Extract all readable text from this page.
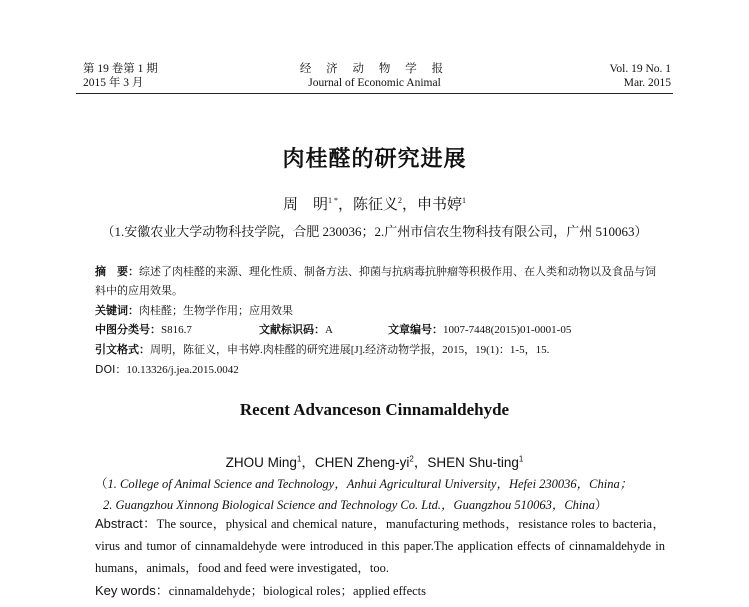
第 19 卷第 1 期
2015 年 3 月
经 济 动 物 学 报
Journal of Economic Animal
Vol. 19 No. 1
Mar. 2015
肉桂醛的研究进展
周　明$^{1 *}$，陈征义$^2$，申书婷$^1$
（1.安徽农业大学动物科技学院，合肥 230036；2.广州市信农生物科技有限公司，广州 510063）
摘　要：综述了肉桂醛的来源、理化性质、制备方法、抑菌与抗病毒抗肿瘤等积极作用、在人类和动物以及食品与饲料中的应用效果。
关键词：肉桂醛；生物学作用；应用效果
中图分类号：S816.7	文献标识码：A	文章编号：1007-7448(2015)01-0001-05
引文格式：周明，陈征义，申书婷.肉桂醛的研究进展[J].经济动物学报，2015，19(1)：1-5，15.
DOI：10.13326/j.jea.2015.0042
Recent Advanceson Cinnamaldehyde
ZHOU Ming$^1$，CHEN Zheng-$yi^2$，SHEN Shu-ting$^1$
（1. College of Animal Science and Technology，Anhui Agricultural University，Hefei 230036，China；
2. Guangzhou Xinnong Biological Science and Technology Co. Ltd.，Guangzhou 510063，China）
Abstract：The source，physical and chemical nature，manufacturing methods，resistance roles to bacteria，virus and tumor of cinnamaldehyde were introduced in this paper.The application effects of cinnamaldehyde in humans，animals，food and feed were investigated，too.
Key words：cinnamaldehyde；biological roles；applied effects
